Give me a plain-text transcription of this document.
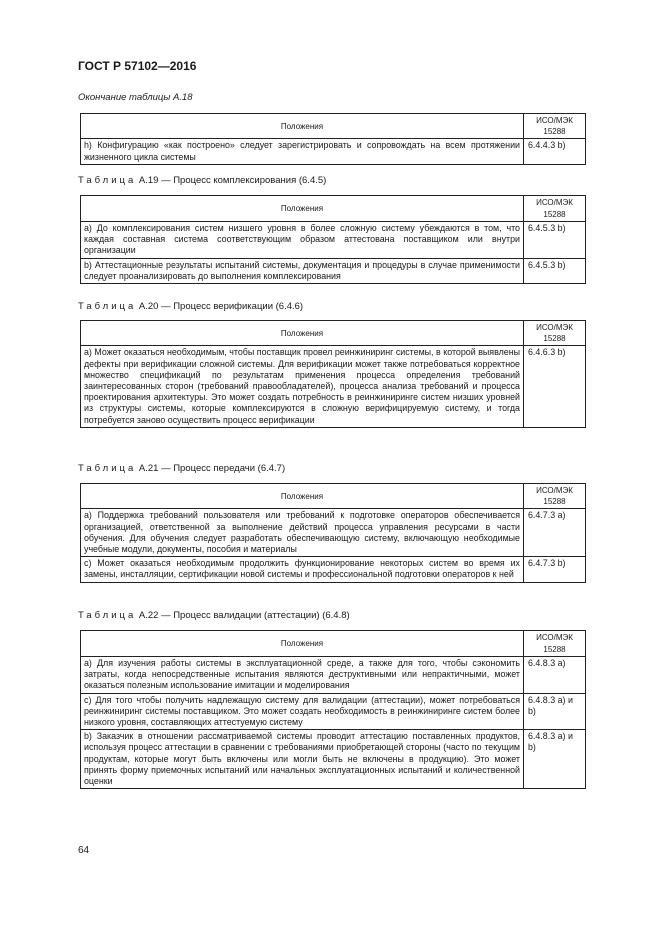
ГОСТ Р 57102—2016
Окончание таблицы А.18
Положения	ИСО/МЭК 15288
h) Конфигурацию «как построено» следует зарегистрировать и сопровождать на всем протяжении жизненного цикла системы	6.4.4.3 b)
Таблица А.19 — Процесс комплексирования (6.4.5)
Положения	ИСО/МЭК 15288
a) До комплексирования систем низшего уровня в более сложную систему убеждаются в том, что каждая составная система соответствующим образом аттестована поставщиком или внутри организации	6.4.5.3 b)
b) Аттестационные результаты испытаний системы, документация и процедуры в случае применимости следует проанализировать до выполнения комплексирования	6.4.5.3 b)
Таблица А.20 — Процесс верификации (6.4.6)
Положения	ИСО/МЭК 15288
a) Может оказаться необходимым, чтобы поставщик провел реинжиниринг системы, в которой выявлены дефекты при верификации сложной системы. Для верификации может также потребоваться корректное множество спецификаций по результатам применения процесса определения требований заинтересованных сторон (требований правообладателей), процесса анализа требований и процесса проектирования архитектуры. Это может создать потребность в реинжиниринге систем низших уровней из структуры системы, которые комплексируются в сложную верифицируемую систему, и тогда потребуется заново осуществить процесс верификации	6.4.6.3 b)
Таблица А.21 — Процесс передачи (6.4.7)
Положения	ИСО/МЭК 15288
a) Поддержка требований пользователя или требований к подготовке операторов обеспечивается организацией, ответственной за выполнение действий процесса управления ресурсами в части обучения. Для обучения следует разработать обеспечивающую систему, включающую необходимые учебные модули, документы, пособия и материалы	6.4.7.3 a)
c) Может оказаться необходимым продолжить функционирование некоторых систем во время их замены, инсталляции, сертификации новой системы и профессиональной подготовки операторов к ней	6.4.7.3 b)
Таблица А.22 — Процесс валидации (аттестации) (6.4.8)
Положения	ИСО/МЭК 15288
a) Для изучения работы системы в эксплуатационной среде, а также для того, чтобы сэкономить затраты, когда непосредственные испытания являются деструктивными или непрактичными, может оказаться полезным использование имитации и моделирования	6.4.8.3 a)
c) Для того чтобы получить надлежащую систему для валидации (аттестации), может потребоваться реинжиниринг системы поставщиком. Это может создать необходимость в реинжиниринге систем более низкого уровня, составляющих аттестуемую систему	6.4.8.3 a) и b)
b) Заказчик в отношении рассматриваемой системы проводит аттестацию поставленных продуктов, используя процесс аттестации в сравнении с требованиями приобретающей стороны (часто по текущим продуктам, которые могут быть включены или могли быть не включены в продукцию). Это может принять форму приемочных испытаний или начальных эксплуатационных испытаний и количественной оценки	6.4.8.3 a) и b)
64
